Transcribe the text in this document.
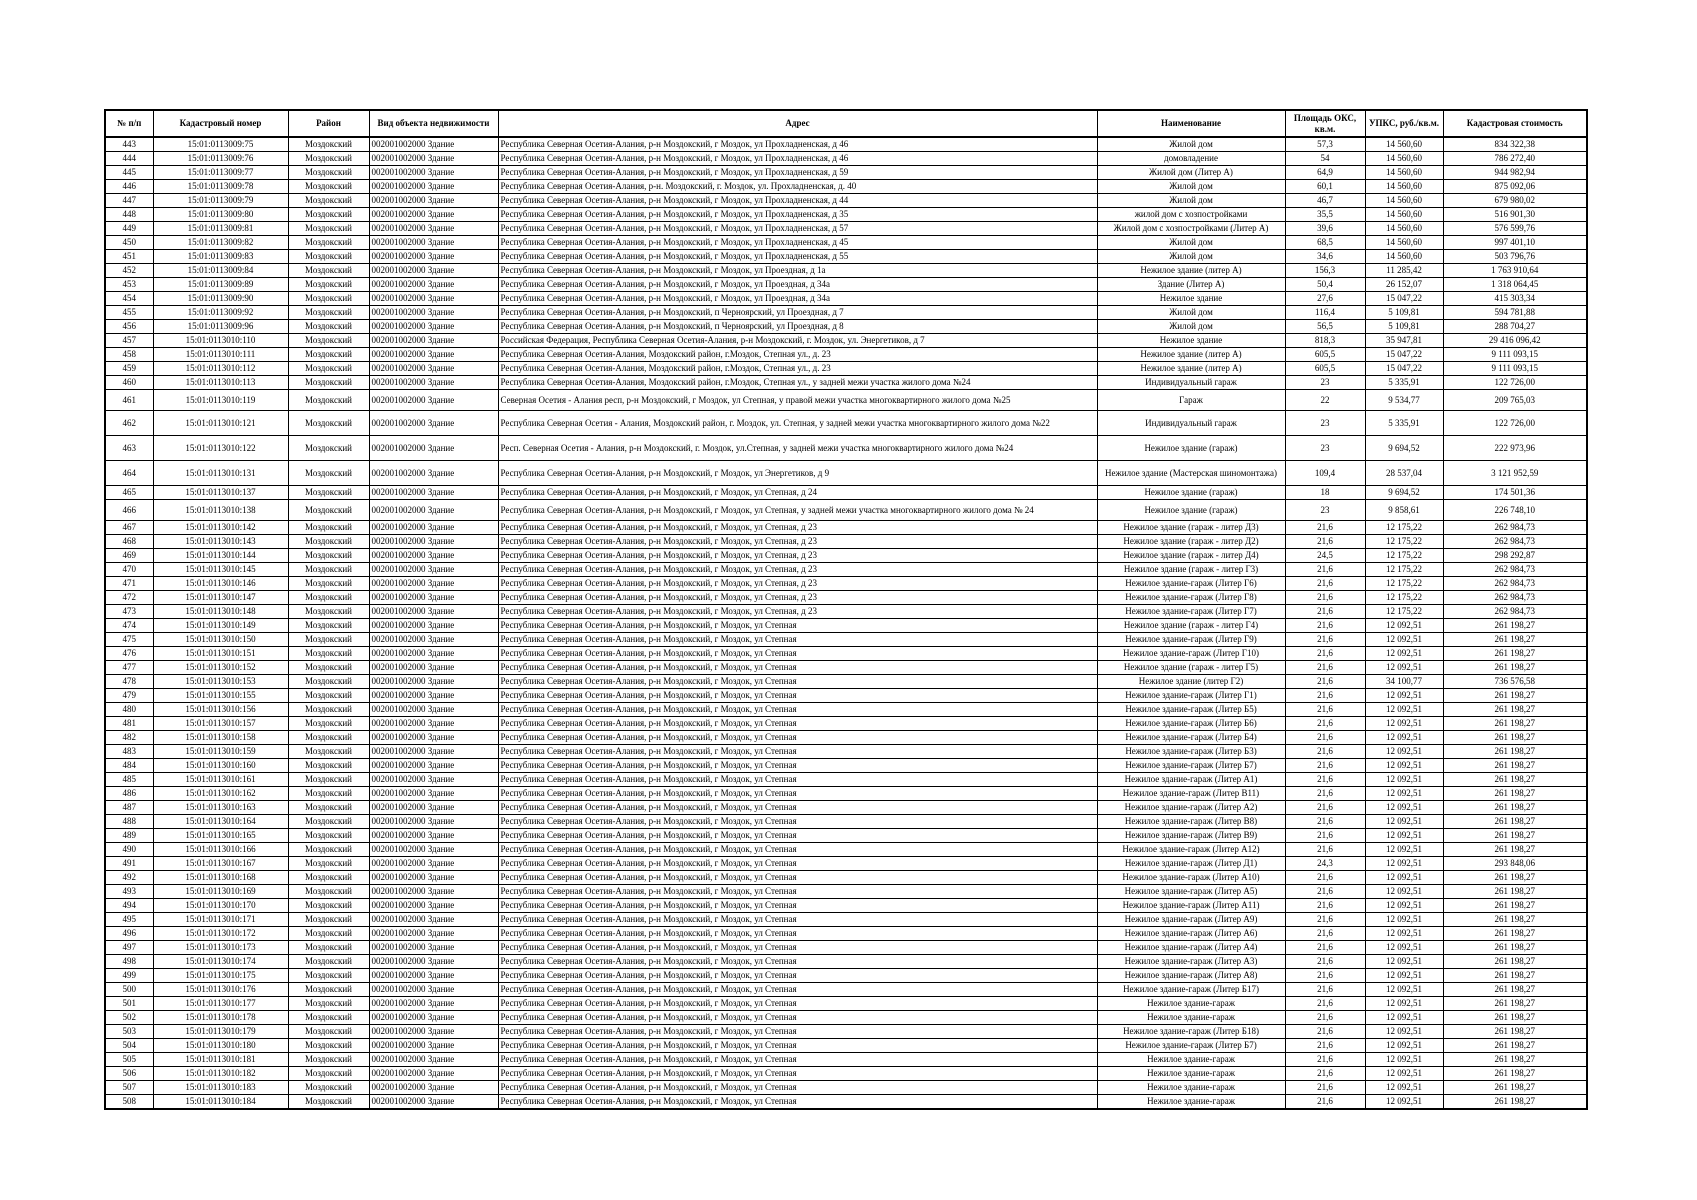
№ п/п	Кадастровый номер	Район	Вид объекта недвижимости	Адрес	Наименование	Площадь ОКС, кв.м.	УПКС, руб./кв.м.	Кадастровая стоимость
443	15:01:0113009:75	Моздокский	002001002000 Здание	Республика Северная Осетия-Алания, р-н Моздокский, г Моздок, ул Прохладненская, д 46	Жилой дом	57,3	14 560,60	834 322,38
444	15:01:0113009:76	Моздокский	002001002000 Здание	Республика Северная Осетия-Алания, р-н Моздокский, г Моздок, ул Прохладненская, д 46	домовладение	54	14 560,60	786 272,40
445	15:01:0113009:77	Моздокский	002001002000 Здание	Республика Северная Осетия-Алания, р-н Моздокский, г Моздок, ул Прохладненская, д 59	Жилой дом (Литер А)	64,9	14 560,60	944 982,94
446	15:01:0113009:78	Моздокский	002001002000 Здание	Республика Северная Осетия-Алания, р-н. Моздокский, г. Моздок, ул. Прохладненская, д. 40	Жилой дом	60,1	14 560,60	875 092,06
447	15:01:0113009:79	Моздокский	002001002000 Здание	Республика Северная Осетия-Алания, р-н Моздокский, г Моздок, ул Прохладненская, д 44	Жилой дом	46,7	14 560,60	679 980,02
448	15:01:0113009:80	Моздокский	002001002000 Здание	Республика Северная Осетия-Алания, р-н Моздокский, г Моздок, ул Прохладненская, д 35	жилой дом с хозпостройками	35,5	14 560,60	516 901,30
449	15:01:0113009:81	Моздокский	002001002000 Здание	Республика Северная Осетия-Алания, р-н Моздокский, г Моздок, ул Прохладненская, д 57	Жилой дом с хозпостройками (Литер А)	39,6	14 560,60	576 599,76
450	15:01:0113009:82	Моздокский	002001002000 Здание	Республика Северная Осетия-Алания, р-н Моздокский, г Моздок, ул Прохладненская, д 45	Жилой дом	68,5	14 560,60	997 401,10
451	15:01:0113009:83	Моздокский	002001002000 Здание	Республика Северная Осетия-Алания, р-н Моздокский, г Моздок, ул Прохладненская, д 55	Жилой дом	34,6	14 560,60	503 796,76
452	15:01:0113009:84	Моздокский	002001002000 Здание	Республика Северная Осетия-Алания, р-н Моздокский, г Моздок, ул Проездная, д 1а	Нежилое здание (литер А)	156,3	11 285,42	1 763 910,64
453	15:01:0113009:89	Моздокский	002001002000 Здание	Республика Северная Осетия-Алания, р-н Моздокский, г Моздок, ул Проездная, д 34а	Здание (Литер А)	50,4	26 152,07	1 318 064,45
454	15:01:0113009:90	Моздокский	002001002000 Здание	Республика Северная Осетия-Алания, р-н Моздокский, г Моздок, ул Проездная, д 34а	Нежилое здание	27,6	15 047,22	415 303,34
455	15:01:0113009:92	Моздокский	002001002000 Здание	Республика Северная Осетия-Алания, р-н Моздокский, п Черноярский, ул Проездная, д 7	Жилой дом	116,4	5 109,81	594 781,88
456	15:01:0113009:96	Моздокский	002001002000 Здание	Республика Северная Осетия-Алания, р-н Моздокский, п Черноярский, ул Проездная, д 8	Жилой дом	56,5	5 109,81	288 704,27
457	15:01:0113010:110	Моздокский	002001002000 Здание	Российская Федерация, Республика Северная Осетия-Алания, р-н Моздокский, г. Моздок, ул. Энергетиков, д 7	Нежилое здание	818,3	35 947,81	29 416 096,42
458	15:01:0113010:111	Моздокский	002001002000 Здание	Республика Северная Осетия-Алания, Моздокский район, г.Моздок, Степная ул., д. 23	Нежилое здание (литер А)	605,5	15 047,22	9 111 093,15
459	15:01:0113010:112	Моздокский	002001002000 Здание	Республика Северная Осетия-Алания, Моздокский район, г.Моздок, Степная ул., д. 23	Нежилое здание (литер А)	605,5	15 047,22	9 111 093,15
460	15:01:0113010:113	Моздокский	002001002000 Здание	Республика Северная Осетия-Алания, Моздокский район, г.Моздок, Степная ул., у задней межи участка жилого дома №24	Индивидуальный гараж	23	5 335,91	122 726,00
461	15:01:0113010:119	Моздокский	002001002000 Здание	Северная Осетия - Алания респ, р-н Моздокский, г Моздок, ул Степная, у правой межи участка многоквартирного жилого дома №25	Гараж	22	9 534,77	209 765,03
462	15:01:0113010:121	Моздокский	002001002000 Здание	Республика Северная Осетия - Алания, Моздокский район, г. Моздок, ул. Степная, у задней межи участка многоквартирного жилого дома №22	Индивидуальный гараж	23	5 335,91	122 726,00
463	15:01:0113010:122	Моздокский	002001002000 Здание	Респ. Северная Осетия - Алания, р-н Моздокский, г. Моздок, ул.Степная, у задней межи участка многоквартирного жилого дома №24	Нежилое здание (гараж)	23	9 694,52	222 973,96
464	15:01:0113010:131	Моздокский	002001002000 Здание	Республика Северная Осетия-Алания, р-н Моздокский, г Моздок, ул Энергетиков, д 9	Нежилое здание (Мастерская шиномонтажа)	109,4	28 537,04	3 121 952,59
465	15:01:0113010:137	Моздокский	002001002000 Здание	Республика Северная Осетия-Алания, р-н Моздокский, г Моздок, ул Степная, д 24	Нежилое здание (гараж)	18	9 694,52	174 501,36
466	15:01:0113010:138	Моздокский	002001002000 Здание	Республика Северная Осетия-Алания, р-н Моздокский, г Моздок, ул Степная, у задней межи участка многоквартирного жилого дома № 24	Нежилое здание (гараж)	23	9 858,61	226 748,10
467	15:01:0113010:142	Моздокский	002001002000 Здание	Республика Северная Осетия-Алания, р-н Моздокский, г Моздок, ул Степная, д 23	Нежилое здание (гараж - литер Д3)	21,6	12 175,22	262 984,73
468	15:01:0113010:143	Моздокский	002001002000 Здание	Республика Северная Осетия-Алания, р-н Моздокский, г Моздок, ул Степная, д 23	Нежилое здание (гараж - литер Д2)	21,6	12 175,22	262 984,73
469	15:01:0113010:144	Моздокский	002001002000 Здание	Республика Северная Осетия-Алания, р-н Моздокский, г Моздок, ул Степная, д 23	Нежилое здание (гараж - литер Д4)	24,5	12 175,22	298 292,87
470	15:01:0113010:145	Моздокский	002001002000 Здание	Республика Северная Осетия-Алания, р-н Моздокский, г Моздок, ул Степная, д 23	Нежилое здание (гараж - литер Г3)	21,6	12 175,22	262 984,73
471	15:01:0113010:146	Моздокский	002001002000 Здание	Республика Северная Осетия-Алания, р-н Моздокский, г Моздок, ул Степная, д 23	Нежилое здание-гараж (Литер Г6)	21,6	12 175,22	262 984,73
472	15:01:0113010:147	Моздокский	002001002000 Здание	Республика Северная Осетия-Алания, р-н Моздокский, г Моздок, ул Степная, д 23	Нежилое здание-гараж (Литер Г8)	21,6	12 175,22	262 984,73
473	15:01:0113010:148	Моздокский	002001002000 Здание	Республика Северная Осетия-Алания, р-н Моздокский, г Моздок, ул Степная, д 23	Нежилое здание-гараж (Литер Г7)	21,6	12 175,22	262 984,73
474	15:01:0113010:149	Моздокский	002001002000 Здание	Республика Северная Осетия-Алания, р-н Моздокский, г Моздок, ул Степная	Нежилое здание (гараж - литер Г4)	21,6	12 092,51	261 198,27
475	15:01:0113010:150	Моздокский	002001002000 Здание	Республика Северная Осетия-Алания, р-н Моздокский, г Моздок, ул Степная	Нежилое здание-гараж (Литер Г9)	21,6	12 092,51	261 198,27
476	15:01:0113010:151	Моздокский	002001002000 Здание	Республика Северная Осетия-Алания, р-н Моздокский, г Моздок, ул Степная	Нежилое здание-гараж (Литер Г10)	21,6	12 092,51	261 198,27
477	15:01:0113010:152	Моздокский	002001002000 Здание	Республика Северная Осетия-Алания, р-н Моздокский, г Моздок, ул Степная	Нежилое здание (гараж - литер Г5)	21,6	12 092,51	261 198,27
478	15:01:0113010:153	Моздокский	002001002000 Здание	Республика Северная Осетия-Алания, р-н Моздокский, г Моздок, ул Степная	Нежилое здание (литер Г2)	21,6	34 100,77	736 576,58
479	15:01:0113010:155	Моздокский	002001002000 Здание	Республика Северная Осетия-Алания, р-н Моздокский, г Моздок, ул Степная	Нежилое здание-гараж (Литер Г1)	21,6	12 092,51	261 198,27
480	15:01:0113010:156	Моздокский	002001002000 Здание	Республика Северная Осетия-Алания, р-н Моздокский, г Моздок, ул Степная	Нежилое здание-гараж (Литер Б5)	21,6	12 092,51	261 198,27
481	15:01:0113010:157	Моздокский	002001002000 Здание	Республика Северная Осетия-Алания, р-н Моздокский, г Моздок, ул Степная	Нежилое здание-гараж (Литер Б6)	21,6	12 092,51	261 198,27
482	15:01:0113010:158	Моздокский	002001002000 Здание	Республика Северная Осетия-Алания, р-н Моздокский, г Моздок, ул Степная	Нежилое здание-гараж (Литер Б4)	21,6	12 092,51	261 198,27
483	15:01:0113010:159	Моздокский	002001002000 Здание	Республика Северная Осетия-Алания, р-н Моздокский, г Моздок, ул Степная	Нежилое здание-гараж (Литер Б3)	21,6	12 092,51	261 198,27
484	15:01:0113010:160	Моздокский	002001002000 Здание	Республика Северная Осетия-Алания, р-н Моздокский, г Моздок, ул Степная	Нежилое здание-гараж (Литер Б7)	21,6	12 092,51	261 198,27
485	15:01:0113010:161	Моздокский	002001002000 Здание	Республика Северная Осетия-Алания, р-н Моздокский, г Моздок, ул Степная	Нежилое здание-гараж (Литер А1)	21,6	12 092,51	261 198,27
486	15:01:0113010:162	Моздокский	002001002000 Здание	Республика Северная Осетия-Алания, р-н Моздокский, г Моздок, ул Степная	Нежилое здание-гараж (Литер В11)	21,6	12 092,51	261 198,27
487	15:01:0113010:163	Моздокский	002001002000 Здание	Республика Северная Осетия-Алания, р-н Моздокский, г Моздок, ул Степная	Нежилое здание-гараж (Литер А2)	21,6	12 092,51	261 198,27
488	15:01:0113010:164	Моздокский	002001002000 Здание	Республика Северная Осетия-Алания, р-н Моздокский, г Моздок, ул Степная	Нежилое здание-гараж (Литер В8)	21,6	12 092,51	261 198,27
489	15:01:0113010:165	Моздокский	002001002000 Здание	Республика Северная Осетия-Алания, р-н Моздокский, г Моздок, ул Степная	Нежилое здание-гараж (Литер В9)	21,6	12 092,51	261 198,27
490	15:01:0113010:166	Моздокский	002001002000 Здание	Республика Северная Осетия-Алания, р-н Моздокский, г Моздок, ул Степная	Нежилое здание-гараж (Литер А12)	21,6	12 092,51	261 198,27
491	15:01:0113010:167	Моздокский	002001002000 Здание	Республика Северная Осетия-Алания, р-н Моздокский, г Моздок, ул Степная	Нежилое здание-гараж (Литер Д1)	24,3	12 092,51	293 848,06
492	15:01:0113010:168	Моздокский	002001002000 Здание	Республика Северная Осетия-Алания, р-н Моздокский, г Моздок, ул Степная	Нежилое здание-гараж (Литер А10)	21,6	12 092,51	261 198,27
493	15:01:0113010:169	Моздокский	002001002000 Здание	Республика Северная Осетия-Алания, р-н Моздокский, г Моздок, ул Степная	Нежилое здание-гараж (Литер А5)	21,6	12 092,51	261 198,27
494	15:01:0113010:170	Моздокский	002001002000 Здание	Республика Северная Осетия-Алания, р-н Моздокский, г Моздок, ул Степная	Нежилое здание-гараж (Литер А11)	21,6	12 092,51	261 198,27
495	15:01:0113010:171	Моздокский	002001002000 Здание	Республика Северная Осетия-Алания, р-н Моздокский, г Моздок, ул Степная	Нежилое здание-гараж (Литер А9)	21,6	12 092,51	261 198,27
496	15:01:0113010:172	Моздокский	002001002000 Здание	Республика Северная Осетия-Алания, р-н Моздокский, г Моздок, ул Степная	Нежилое здание-гараж (Литер А6)	21,6	12 092,51	261 198,27
497	15:01:0113010:173	Моздокский	002001002000 Здание	Республика Северная Осетия-Алания, р-н Моздокский, г Моздок, ул Степная	Нежилое здание-гараж (Литер А4)	21,6	12 092,51	261 198,27
498	15:01:0113010:174	Моздокский	002001002000 Здание	Республика Северная Осетия-Алания, р-н Моздокский, г Моздок, ул Степная	Нежилое здание-гараж (Литер А3)	21,6	12 092,51	261 198,27
499	15:01:0113010:175	Моздокский	002001002000 Здание	Республика Северная Осетия-Алания, р-н Моздокский, г Моздок, ул Степная	Нежилое здание-гараж (Литер А8)	21,6	12 092,51	261 198,27
500	15:01:0113010:176	Моздокский	002001002000 Здание	Республика Северная Осетия-Алания, р-н Моздокский, г Моздок, ул Степная	Нежилое здание-гараж (Литер Б17)	21,6	12 092,51	261 198,27
501	15:01:0113010:177	Моздокский	002001002000 Здание	Республика Северная Осетия-Алания, р-н Моздокский, г Моздок, ул Степная	Нежилое здание-гараж	21,6	12 092,51	261 198,27
502	15:01:0113010:178	Моздокский	002001002000 Здание	Республика Северная Осетия-Алания, р-н Моздокский, г Моздок, ул Степная	Нежилое здание-гараж	21,6	12 092,51	261 198,27
503	15:01:0113010:179	Моздокский	002001002000 Здание	Республика Северная Осетия-Алания, р-н Моздокский, г Моздок, ул Степная	Нежилое здание-гараж (Литер Б18)	21,6	12 092,51	261 198,27
504	15:01:0113010:180	Моздокский	002001002000 Здание	Республика Северная Осетия-Алания, р-н Моздокский, г Моздок, ул Степная	Нежилое здание-гараж (Литер Б7)	21,6	12 092,51	261 198,27
505	15:01:0113010:181	Моздокский	002001002000 Здание	Республика Северная Осетия-Алания, р-н Моздокский, г Моздок, ул Степная	Нежилое здание-гараж	21,6	12 092,51	261 198,27
506	15:01:0113010:182	Моздокский	002001002000 Здание	Республика Северная Осетия-Алания, р-н Моздокский, г Моздок, ул Степная	Нежилое здание-гараж	21,6	12 092,51	261 198,27
507	15:01:0113010:183	Моздокский	002001002000 Здание	Республика Северная Осетия-Алания, р-н Моздокский, г Моздок, ул Степная	Нежилое здание-гараж	21,6	12 092,51	261 198,27
508	15:01:0113010:184	Моздокский	002001002000 Здание	Республика Северная Осетия-Алания, р-н Моздокский, г Моздок, ул Степная	Нежилое здание-гараж	21,6	12 092,51	261 198,27
